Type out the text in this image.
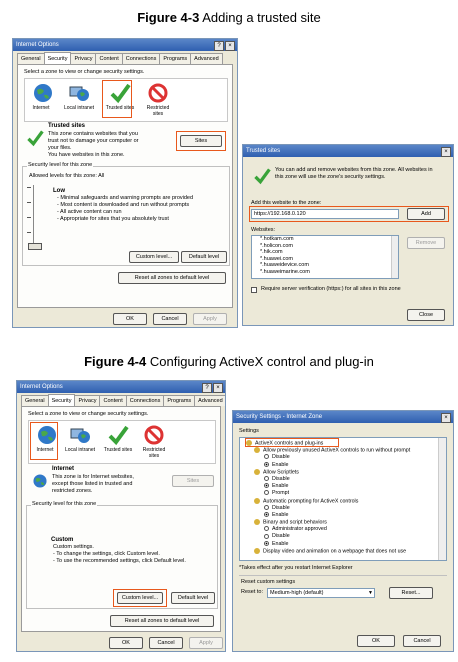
Figure 4-3 Adding a trusted site
Internet Options	?	×
General	Security	Privacy	Content	Connections	Programs	Advanced
Select a zone to view or change security settings.
Internet	Local intranet	Trusted sites	Restricted sites
Trusted sites
This zone contains websites that you
trust not to damage your computer or
your files.
You have websites in this zone.
Sites
Security level for this zone
Allowed levels for this zone: All
Low
- Minimal safeguards and warning prompts are provided
- Most content is downloaded and run without prompts
- All active content can run
- Appropriate for sites that you absolutely trust
Custom level...	Default level
Reset all zones to default level
OK	Cancel	Apply
Trusted sites	×
You can add and remove websites from this zone. All websites in
this zone will use the zone's security settings.
Add this website to the zone:
https://192.168.0.120	Add
Websites:
*.hotkam.com
*.holicon.com
*.hik.com
*.huawei.com
*.huaweidevice.com
*.huaweimarine.com
Remove
Require server verification (https:) for all sites in this zone
Close
Figure 4-4 Configuring ActiveX control and plug-in
Internet Options	?	×
General	Security	Privacy	Content	Connections	Programs	Advanced
Select a zone to view or change security settings.
Internet	Local intranet	Trusted sites	Restricted sites
Internet
This zone is for Internet websites,
except those listed in trusted and
restricted zones.
Sites
Security level for this zone
Custom
Custom settings.
- To change the settings, click Custom level.
- To use the recommended settings, click Default level.
Custom level...	Default level
Reset all zones to default level
OK	Cancel	Apply
Security Settings - Internet Zone	×
Settings
ActiveX controls and plug-ins
Allow previously unused ActiveX controls to run without prompt
Disable
Enable
Allow Scriptlets
Disable
Enable
Prompt
Automatic prompting for ActiveX controls
Disable
Enable
Binary and script behaviors
Administrator approved
Disable
Enable
Display video and animation on a webpage that does not use
*Takes effect after you restart Internet Explorer
Reset custom settings
Reset to:	Medium-high (default)	▼	Reset...
OK	Cancel
